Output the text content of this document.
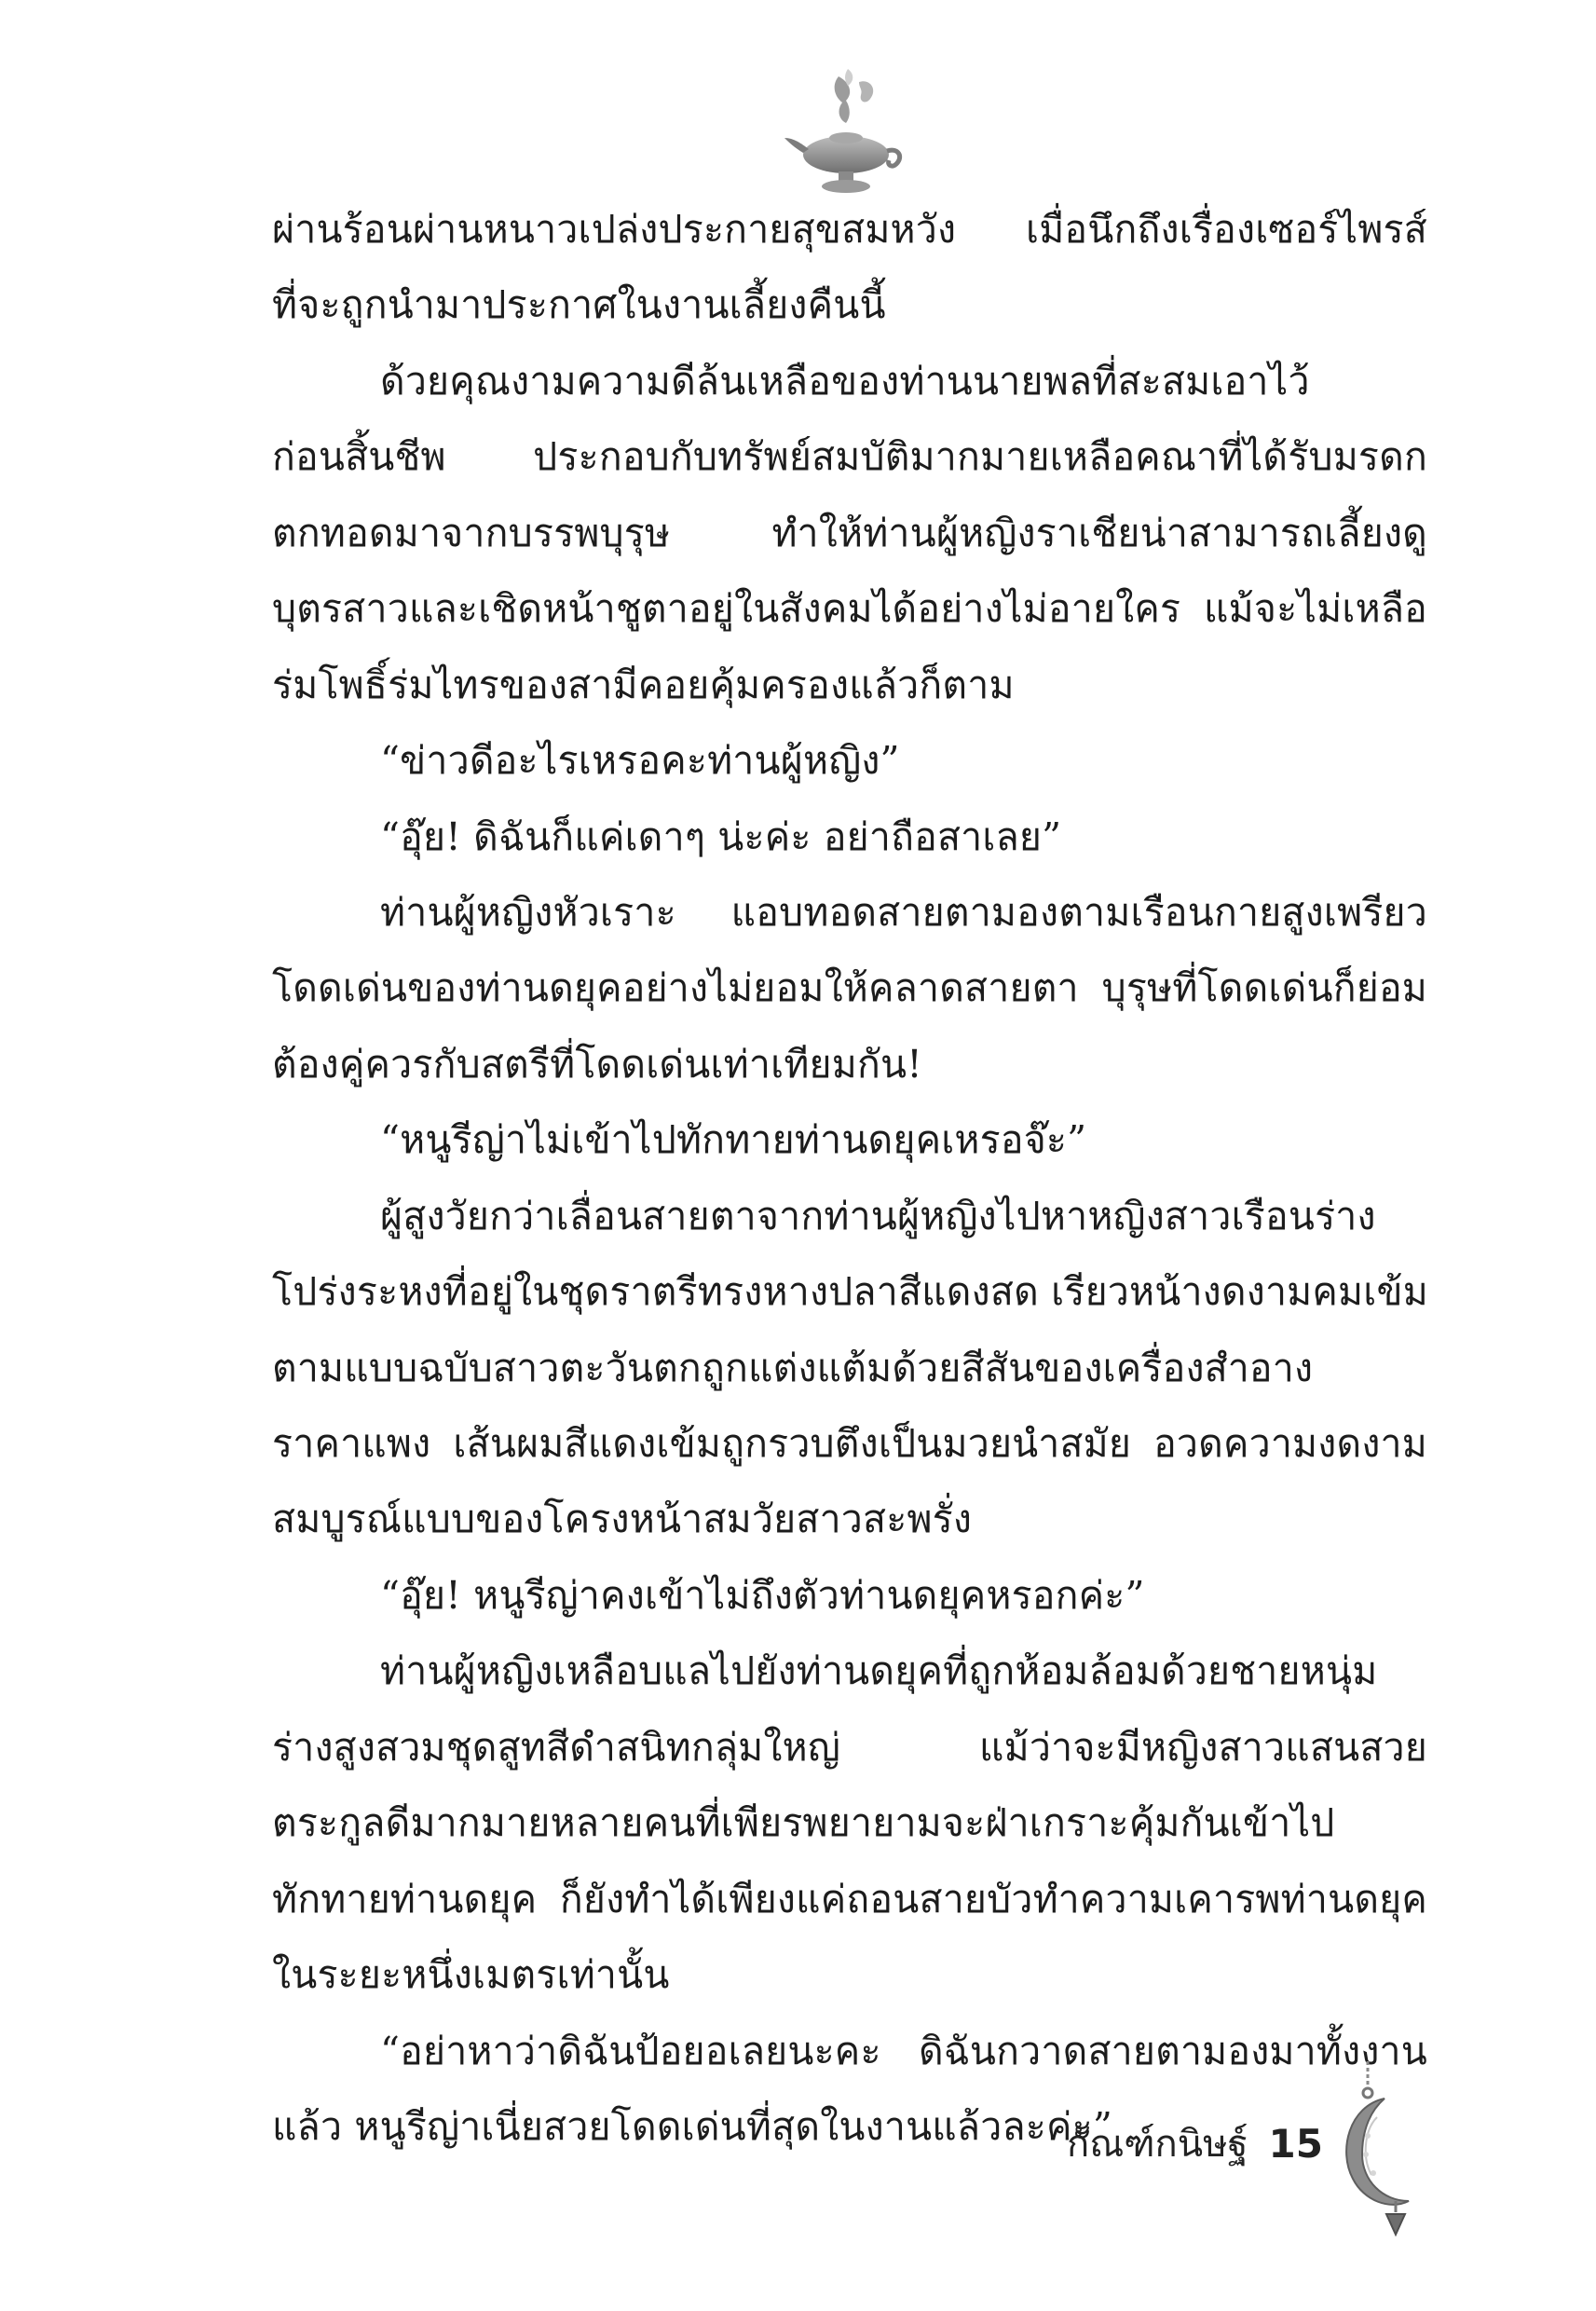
ผ่านร้อนผ่านหนาวเปล่งประกายสุขสมหวัง เมื่อนึกถึงเรื่องเซอร์ไพรส์
ที่จะถูกนำมาประกาศในงานเลี้ยงคืนนี้
ด้วยคุณงามความดีล้นเหลือของท่านนายพลที่สะสมเอาไว้
ก่อนสิ้นชีพ ประกอบกับทรัพย์สมบัติมากมายเหลือคณาที่ได้รับมรดก
ตกทอดมาจากบรรพบุรุษ ทำให้ท่านผู้หญิงราเชียน่าสามารถเลี้ยงดู
บุตรสาวและเชิดหน้าชูตาอยู่ในสังคมได้อย่างไม่อายใคร แม้จะไม่เหลือ
ร่มโพธิ์ร่มไทรของสามีคอยคุ้มครองแล้วก็ตาม
“ข่าวดีอะไรเหรอคะท่านผู้หญิง”
“อุ๊ย! ดิฉันก็แค่เดาๆ น่ะค่ะ อย่าถือสาเลย”
ท่านผู้หญิงหัวเราะ แอบทอดสายตามองตามเรือนกายสูงเพรียว
โดดเด่นของท่านดยุคอย่างไม่ยอมให้คลาดสายตา บุรุษที่โดดเด่นก็ย่อม
ต้องคู่ควรกับสตรีที่โดดเด่นเท่าเทียมกัน!
“หนูรีญ่าไม่เข้าไปทักทายท่านดยุคเหรอจ๊ะ”
ผู้สูงวัยกว่าเลื่อนสายตาจากท่านผู้หญิงไปหาหญิงสาวเรือนร่าง
โปร่งระหงที่อยู่ในชุดราตรีทรงหางปลาสีแดงสด เรียวหน้างดงามคมเข้ม
ตามแบบฉบับสาวตะวันตกถูกแต่งแต้มด้วยสีสันของเครื่องสำอาง
ราคาแพง เส้นผมสีแดงเข้มถูกรวบตึงเป็นมวยนำสมัย อวดความงดงาม
สมบูรณ์แบบของโครงหน้าสมวัยสาวสะพรั่ง
“อุ๊ย! หนูรีญ่าคงเข้าไม่ถึงตัวท่านดยุคหรอกค่ะ”
ท่านผู้หญิงเหลือบแลไปยังท่านดยุคที่ถูกห้อมล้อมด้วยชายหนุ่ม
ร่างสูงสวมชุดสูทสีดำสนิทกลุ่มใหญ่ แม้ว่าจะมีหญิงสาวแสนสวย
ตระกูลดีมากมายหลายคนที่เพียรพยายามจะฝ่าเกราะคุ้มกันเข้าไป
ทักทายท่านดยุค ก็ยังทำได้เพียงแค่ถอนสายบัวทำความเคารพท่านดยุค
ในระยะหนึ่งเมตรเท่านั้น
“อย่าหาว่าดิฉันป้อยอเลยนะคะ ดิฉันกวาดสายตามองมาทั้งงาน
แล้ว หนูรีญ่าเนี่ยสวยโดดเด่นที่สุดในงานแล้วละค่ะ”
กัณฑ์กนิษฐ์ 15
